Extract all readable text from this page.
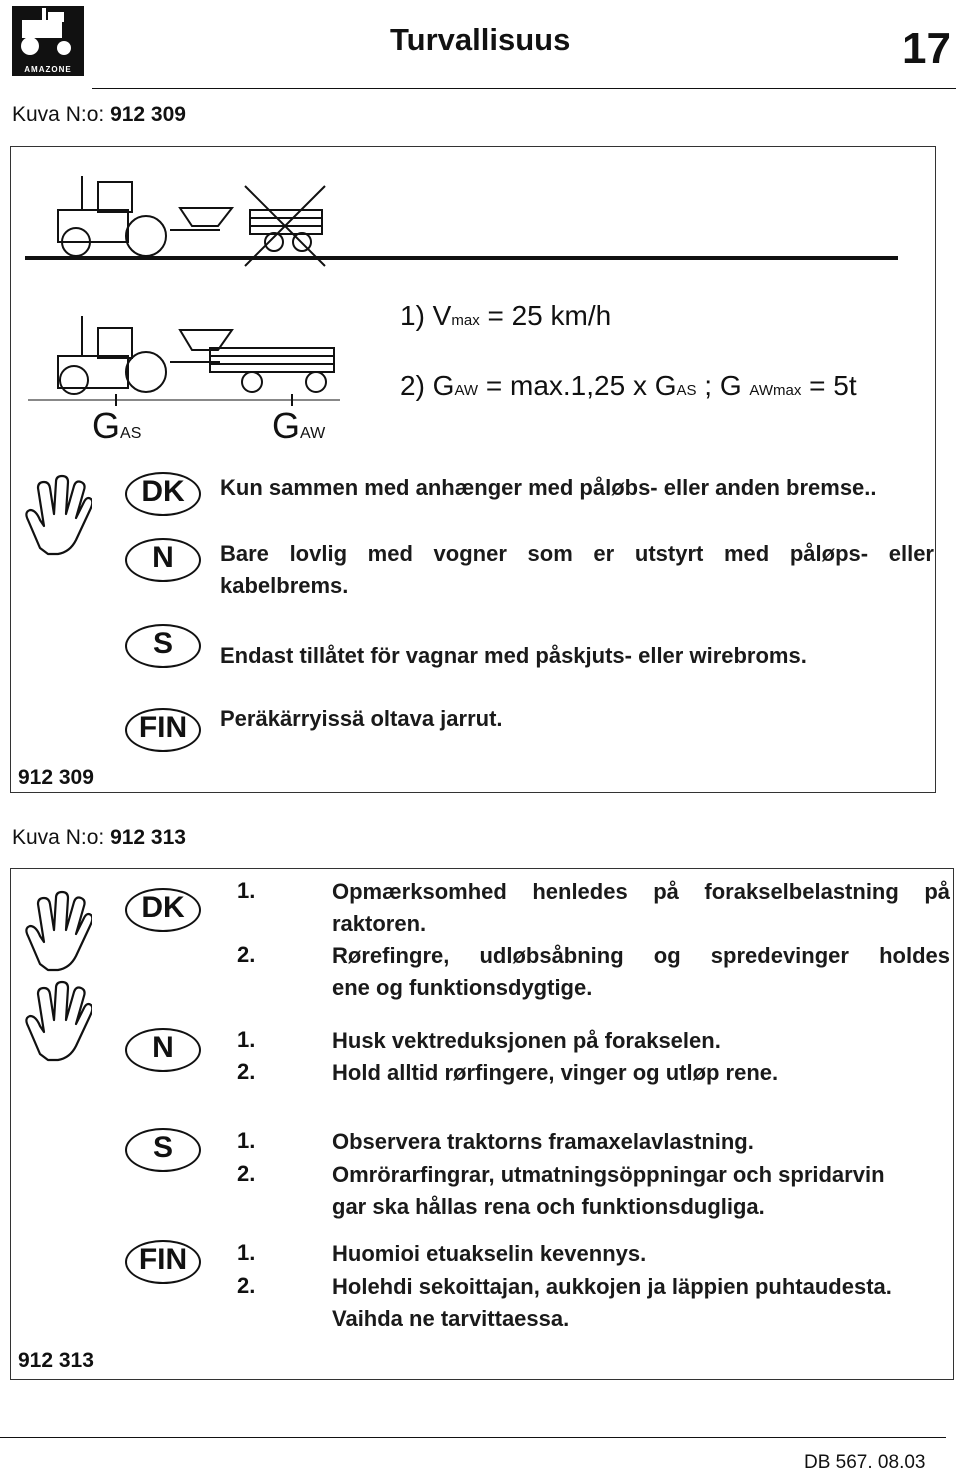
AMAZONE
Turvallisuus	17
Kuva N:o: 912 309
GAS	GAW
1) Vmax = 25 km/h
2) GAW = max.1,25 x GAS ; G AWmax = 5t
DK	Kun sammen med anhænger med påløbs- eller anden bremse..
N	Bare lovlig med vogner som er utstyrt med påløps- eller
kabelbrems.
S	Endast tillåtet för vagnar med påskjuts- eller wirebroms.
FIN	Peräkärryissä oltava jarrut.
912 309
Kuva N:o: 912 313
DK
1.	Opmærksomhed henledes på forakselbelastning på
raktoren.
2.	Rørefingre, udløbsåbning og spredevinger holdes
ene og funktionsdygtige.
N	1.	Husk vektreduksjonen på forakselen.
2.	Hold alltid rørfingere, vinger og utløp rene.
S	1.	Observera traktorns framaxelavlastning.
2.	Omrörarfingrar, utmatningsöppningar och spridarvin
gar ska hållas rena och funktionsdugliga.
FIN	1.	Huomioi etuakselin kevennys.
2.	Holehdi sekoittajan, aukkojen ja läppien puhtaudesta.
Vaihda ne tarvittaessa.
912 313
DB 567. 08.03
